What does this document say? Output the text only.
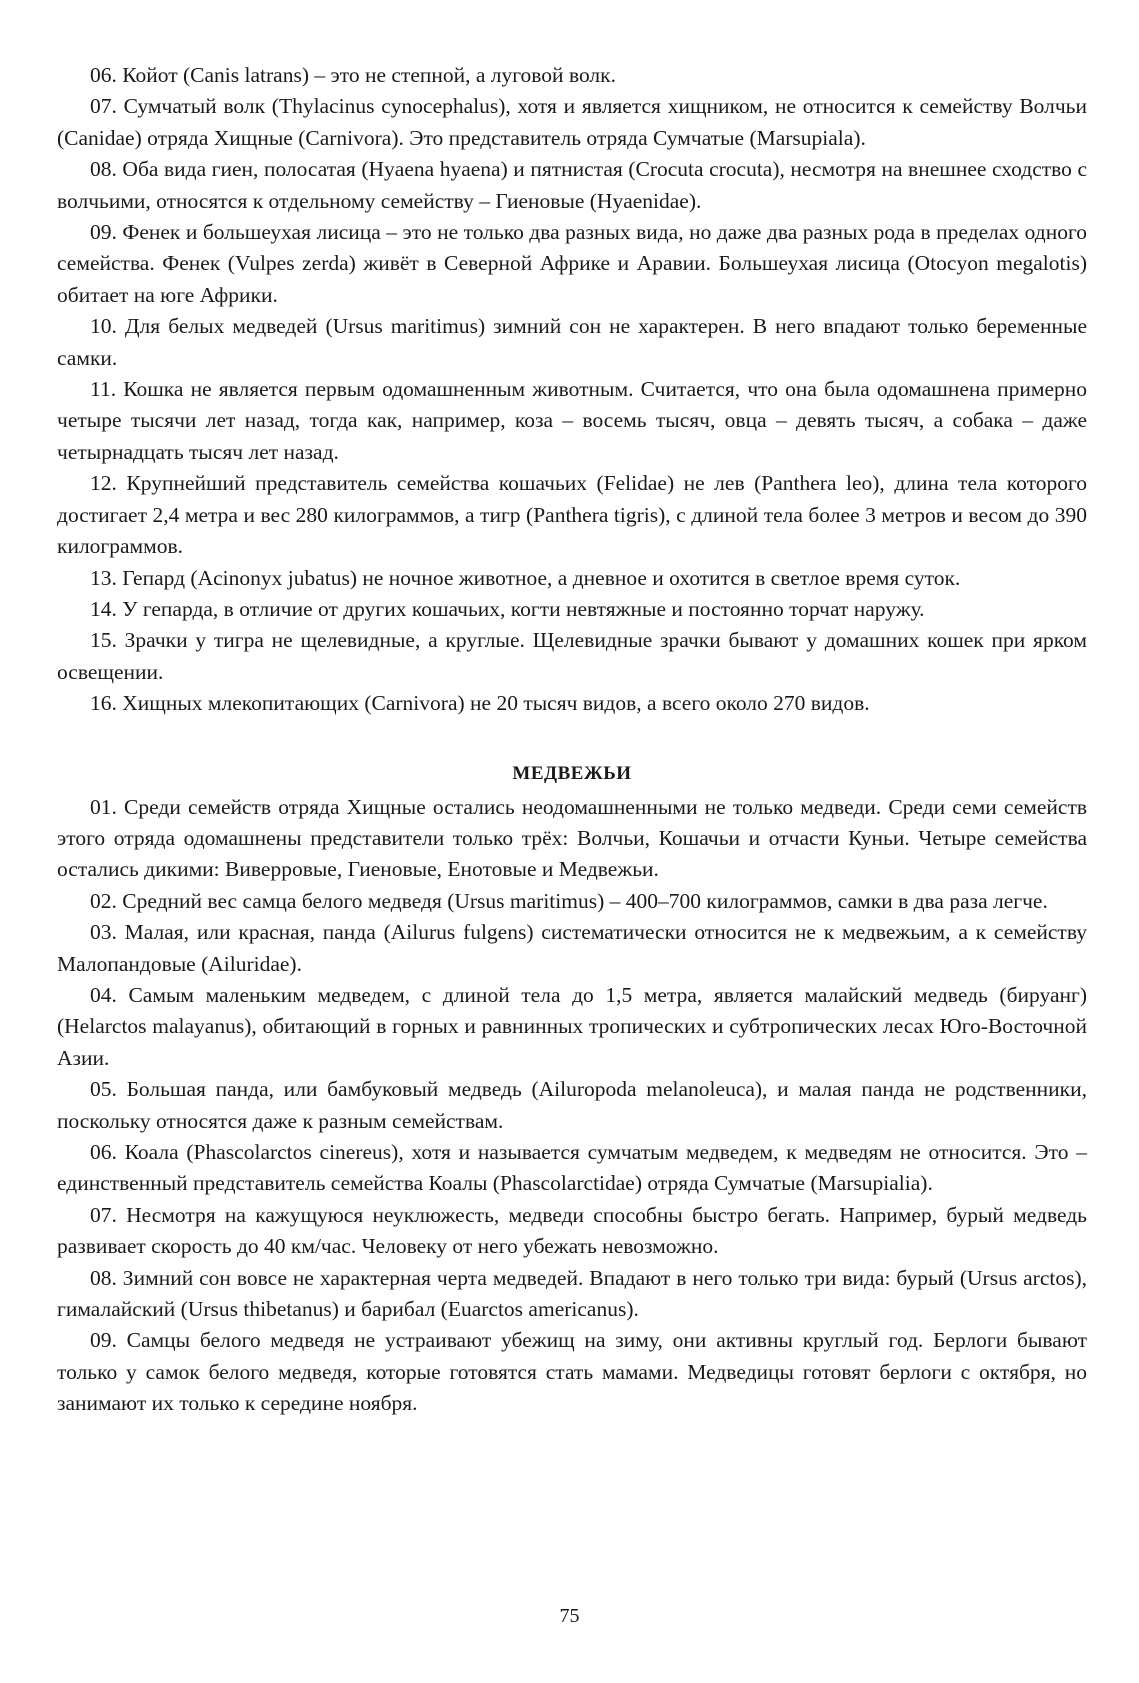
06. Койот (Canis latrans) – это не степной, а луговой волк.

07. Сумчатый волк (Thylacinus cynocephalus), хотя и является хищником, не относится к семейству Волчьи (Canidae) отряда Хищные (Carnivora). Это представитель отряда Сумчатые (Marsupiala).

08. Оба вида гиен, полосатая (Hyaena hyaena) и пятнистая (Crocuta crocuta), несмотря на внешнее сходство с волчьими, относятся к отдельному семейству – Гиеновые (Hyaenidae).

09. Фенек и большеухая лисица – это не только два разных вида, но даже два разных рода в пределах одного семейства. Фенек (Vulpes zerda) живёт в Северной Африке и Аравии. Большеухая лисица (Otocyon megalotis) обитает на юге Африки.

10. Для белых медведей (Ursus maritimus) зимний сон не характерен. В него впадают только беременные самки.

11. Кошка не является первым одомашненным животным. Считается, что она была одомашнена примерно четыре тысячи лет назад, тогда как, например, коза – восемь тысяч, овца – девять тысяч, а собака – даже четырнадцать тысяч лет назад.

12. Крупнейший представитель семейства кошачьих (Felidae) не лев (Panthera leo), длина тела которого достигает 2,4 метра и вес 280 килограммов, а тигр (Panthera tigris), с длиной тела более 3 метров и весом до 390 килограммов.

13. Гепард (Acinonyx jubatus) не ночное животное, а дневное и охотится в светлое время суток.

14. У гепарда, в отличие от других кошачьих, когти невтяжные и постоянно торчат наружу.

15. Зрачки у тигра не щелевидные, а круглые. Щелевидные зрачки бывают у домашних кошек при ярком освещении.

16. Хищных млекопитающих (Carnivora) не 20 тысяч видов, а всего около 270 видов.

МЕДВЕЖЬИ

01. Среди семейств отряда Хищные остались неодомашненными не только медведи. Среди семи семейств этого отряда одомашнены представители только трёх: Волчьи, Кошачьи и отчасти Куньи. Четыре семейства остались дикими: Виверровые, Гиеновые, Енотовые и Медвежьи.

02. Средний вес самца белого медведя (Ursus maritimus) – 400–700 килограммов, самки в два раза легче.

03. Малая, или красная, панда (Ailurus fulgens) систематически относится не к медвежьим, а к семейству Малопандовые (Ailuridae).

04. Самым маленьким медведем, с длиной тела до 1,5 метра, является малайский медведь (бируанг) (Helarctos malayanus), обитающий в горных и равнинных тропических и субтропических лесах Юго-Восточной Азии.

05. Большая панда, или бамбуковый медведь (Ailuropoda melanoleuca), и малая панда не родственники, поскольку относятся даже к разным семействам.

06. Коала (Phascolarctos cinereus), хотя и называется сумчатым медведем, к медведям не относится. Это – единственный представитель семейства Коалы (Phascolarctidae) отряда Сумчатые (Marsupialia).

07. Несмотря на кажущуюся неуклюжесть, медведи способны быстро бегать. Например, бурый медведь развивает скорость до 40 км/час. Человеку от него убежать невозможно.

08. Зимний сон вовсе не характерная черта медведей. Впадают в него только три вида: бурый (Ursus arctos), гималайский (Ursus thibetanus) и барибал (Euarctos americanus).

09. Самцы белого медведя не устраивают убежищ на зиму, они активны круглый год. Берлоги бывают только у самок белого медведя, которые готовятся стать мамами. Медведицы готовят берлоги с октября, но занимают их только к середине ноября.

75
